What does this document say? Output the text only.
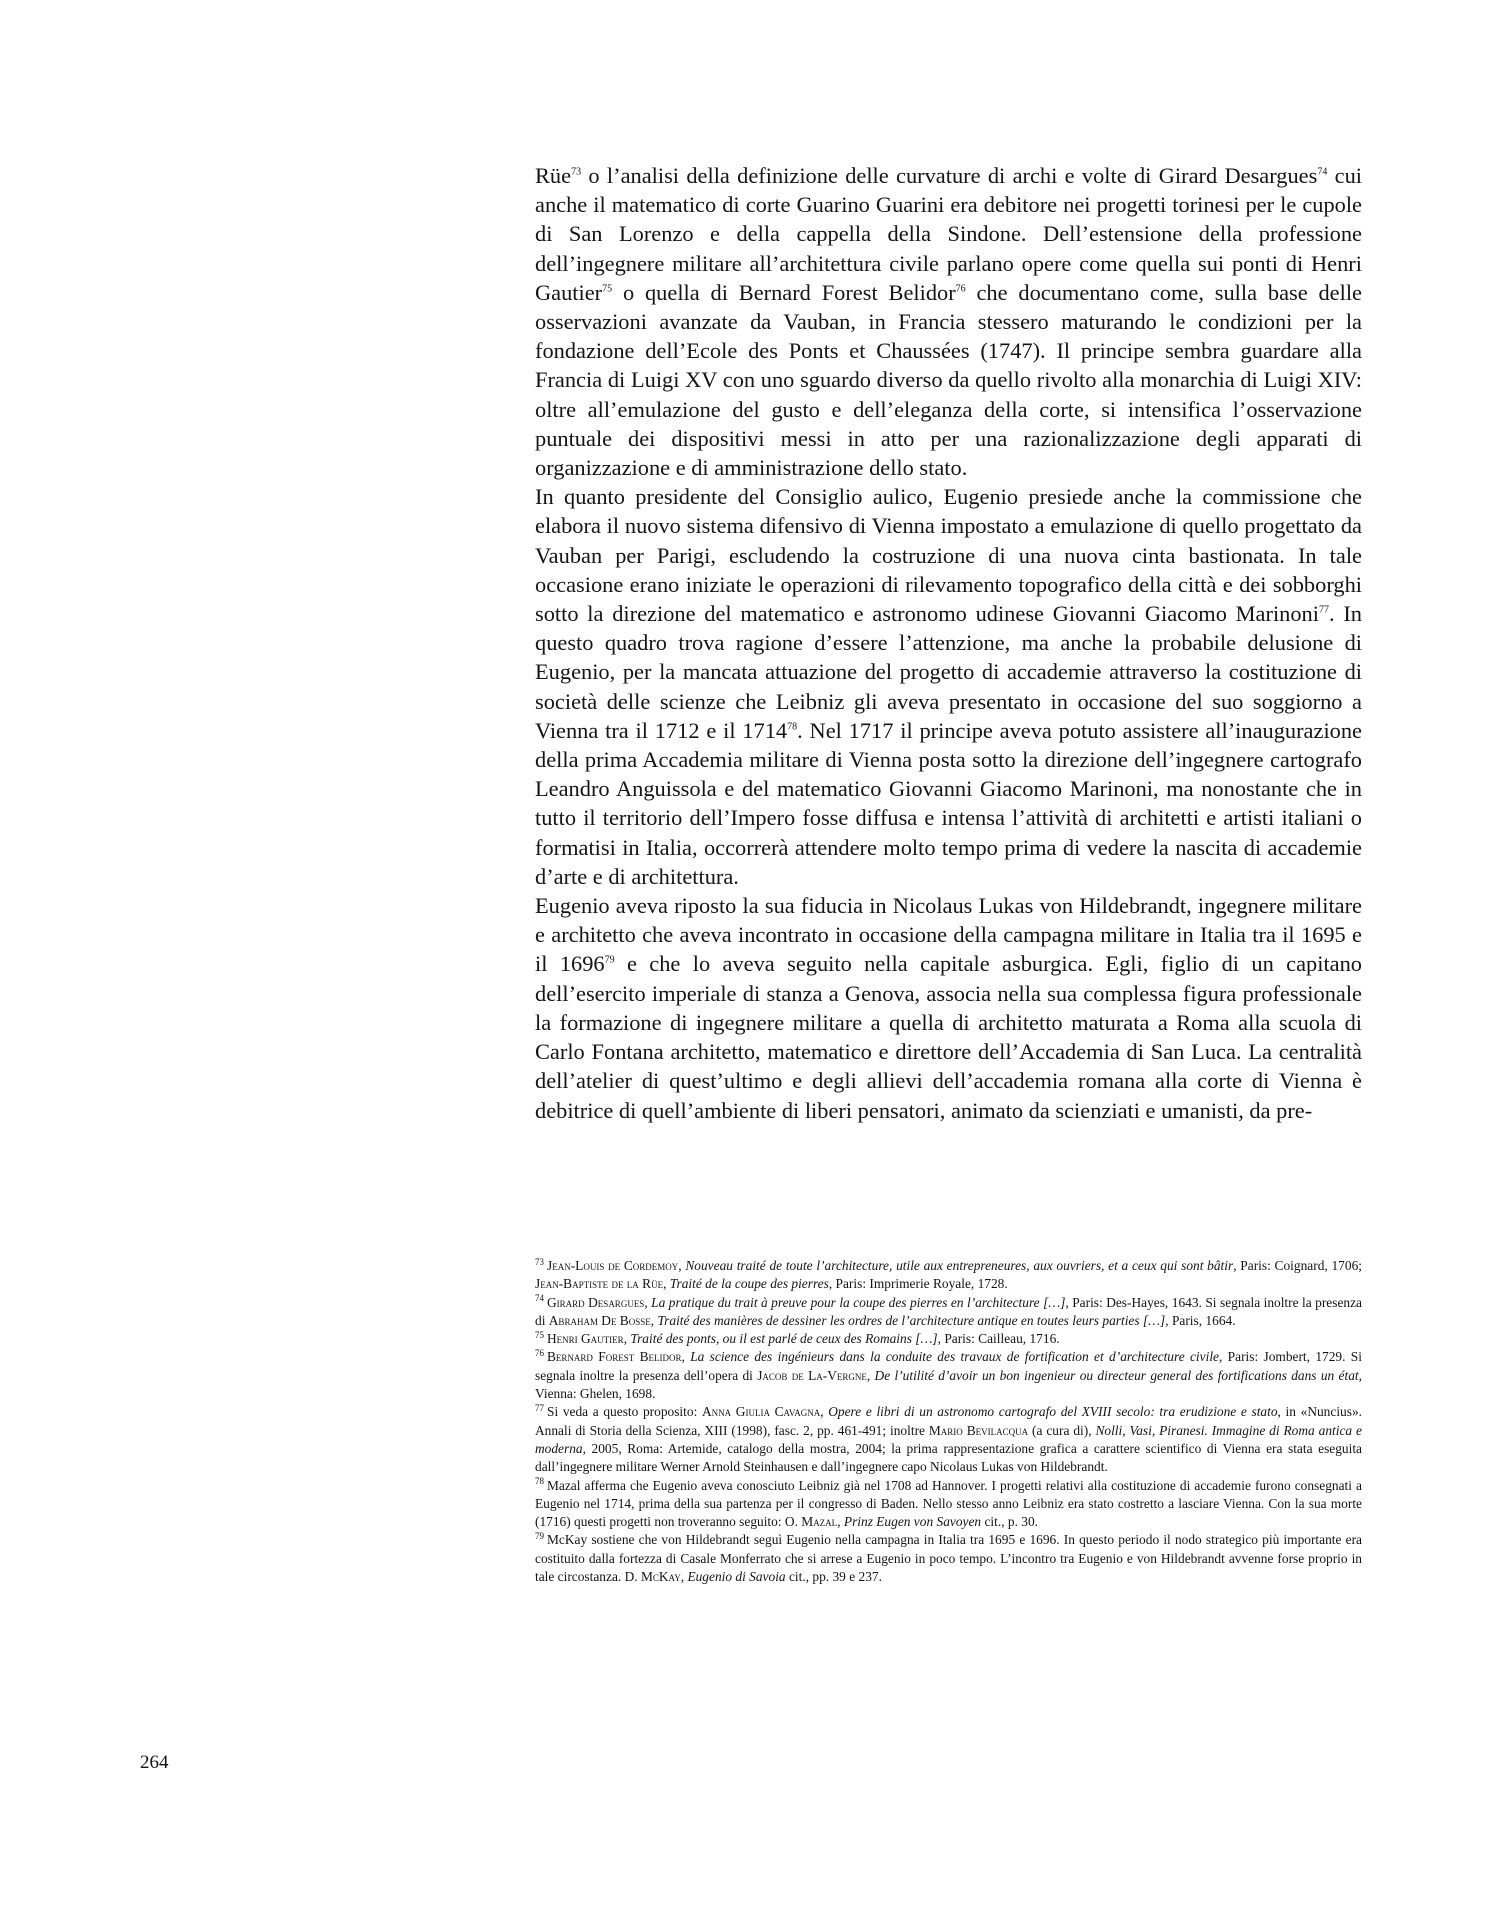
Rüe$^{73}$ o l’analisi della definizione delle curvature di archi e volte di Girard Desargues$^{74}$ cui anche il matematico di corte Guarino Guarini era debitore nei progetti torinesi per le cupole di San Lorenzo e della cappella della Sindone. Dell’estensione della professione dell’ingegnere militare all’architettura civile parlano opere come quella sui ponti di Henri Gautier$^{75}$ o quella di Bernard Forest Belidor$^{76}$ che documentano come, sulla base delle osservazioni avanzate da Vauban, in Francia stessero maturando le condizioni per la fondazione dell’Ecole des Ponts et Chaussées (1747). Il principe sembra guardare alla Francia di Luigi XV con uno sguardo diverso da quello rivolto alla monarchia di Luigi XIV: oltre all’emulazione del gusto e dell’eleganza della corte, si intensifica l’osservazione puntuale dei dispositivi messi in atto per una razionalizzazione degli apparati di organizzazione e di amministrazione dello stato.

In quanto presidente del Consiglio aulico, Eugenio presiede anche la commissione che elabora il nuovo sistema difensivo di Vienna impostato a emulazione di quello progettato da Vauban per Parigi, escludendo la costruzione di una nuova cinta bastionata. In tale occasione erano iniziate le operazioni di rilevamento topografico della città e dei sobborghi sotto la direzione del matematico e astronomo udinese Giovanni Giacomo Marinoni$^{77}$. In questo quadro trova ragione d’essere l’attenzione, ma anche la probabile delusione di Eugenio, per la mancata attuazione del progetto di accademie attraverso la costituzione di società delle scienze che Leibniz gli aveva presentato in occasione del suo soggiorno a Vienna tra il 1712 e il 1714$^{78}$. Nel 1717 il principe aveva potuto assistere all’inaugurazione della prima Accademia militare di Vienna posta sotto la direzione dell’ingegnere cartografo Leandro Anguissola e del matematico Giovanni Giacomo Marinoni, ma nonostante che in tutto il territorio dell’Impero fosse diffusa e intensa l’attività di architetti e artisti italiani o formatisi in Italia, occorrerà attendere molto tempo prima di vedere la nascita di accademie d’arte e di architettura.

Eugenio aveva riposto la sua fiducia in Nicolaus Lukas von Hildebrandt, ingegnere militare e architetto che aveva incontrato in occasione della campagna militare in Italia tra il 1695 e il 1696$^{79}$ e che lo aveva seguito nella capitale asburgica. Egli, figlio di un capitano dell’esercito imperiale di stanza a Genova, associa nella sua complessa figura professionale la formazione di ingegnere militare a quella di architetto maturata a Roma alla scuola di Carlo Fontana architetto, matematico e direttore dell’Accademia di San Luca. La centralità dell’atelier di quest’ultimo e degli allievi dell’accademia romana alla corte di Vienna è debitrice di quell’ambiente di liberi pensatori, animato da scienziati e umanisti, da pre-

$^{73}$ Jean-Louis de Cordemoy, Nouveau traité de toute l’architecture, utile aux entrepreneures, aux ouvriers, et a ceux qui sont bâtir, Paris: Coignard, 1706; Jean-Baptiste de la Rüe, Traité de la coupe des pierres, Paris: Imprimerie Royale, 1728.

$^{74}$ Girard Desargues, La pratique du trait à preuve pour la coupe des pierres en l’architecture […], Paris: Des-Hayes, 1643. Si segnala inoltre la presenza di Abraham De Bosse, Traité des manières de dessiner les ordres de l’architecture antique en toutes leurs parties […], Paris, 1664.

$^{75}$ Henri Gautier, Traité des ponts, ou il est parlé de ceux des Romains […], Paris: Cailleau, 1716.

$^{76}$ Bernard Forest Belidor, La science des ingénieurs dans la conduite des travaux de fortification et d’architecture civile, Paris: Jombert, 1729. Si segnala inoltre la presenza dell’opera di Jacob de La-Vergne, De l’utilité d’avoir un bon ingenieur ou directeur general des fortifications dans un état, Vienna: Ghelen, 1698.

$^{77}$ Si veda a questo proposito: Anna Giulia Cavagna, Opere e libri di un astronomo cartografo del XVIII secolo: tra erudizione e stato, in «Nuncius». Annali di Storia della Scienza, XIII (1998), fasc. 2, pp. 461-491; inoltre Mario Bevilacqua (a cura di), Nolli, Vasi, Piranesi. Immagine di Roma antica e moderna, 2005, Roma: Artemide, catalogo della mostra, 2004; la prima rappresentazione grafica a carattere scientifico di Vienna era stata eseguita dall’ingegnere militare Werner Arnold Steinhausen e dall’ingegnere capo Nicolaus Lukas von Hildebrandt.

$^{78}$ Mazal afferma che Eugenio aveva conosciuto Leibniz già nel 1708 ad Hannover. I progetti relativi alla costituzione di accademie furono consegnati a Eugenio nel 1714, prima della sua partenza per il congresso di Baden. Nello stesso anno Leibniz era stato costretto a lasciare Vienna. Con la sua morte (1716) questi progetti non troveranno seguito: O. Mazal, Prinz Eugen von Savoyen cit., p. 30.

$^{79}$ McKay sostiene che von Hildebrandt seguì Eugenio nella campagna in Italia tra 1695 e 1696. In questo periodo il nodo strategico più importante era costituito dalla fortezza di Casale Monferrato che si arrese a Eugenio in poco tempo. L’incontro tra Eugenio e von Hildebrandt avvenne forse proprio in tale circostanza. D. McKay, Eugenio di Savoia cit., pp. 39 e 237.

264
